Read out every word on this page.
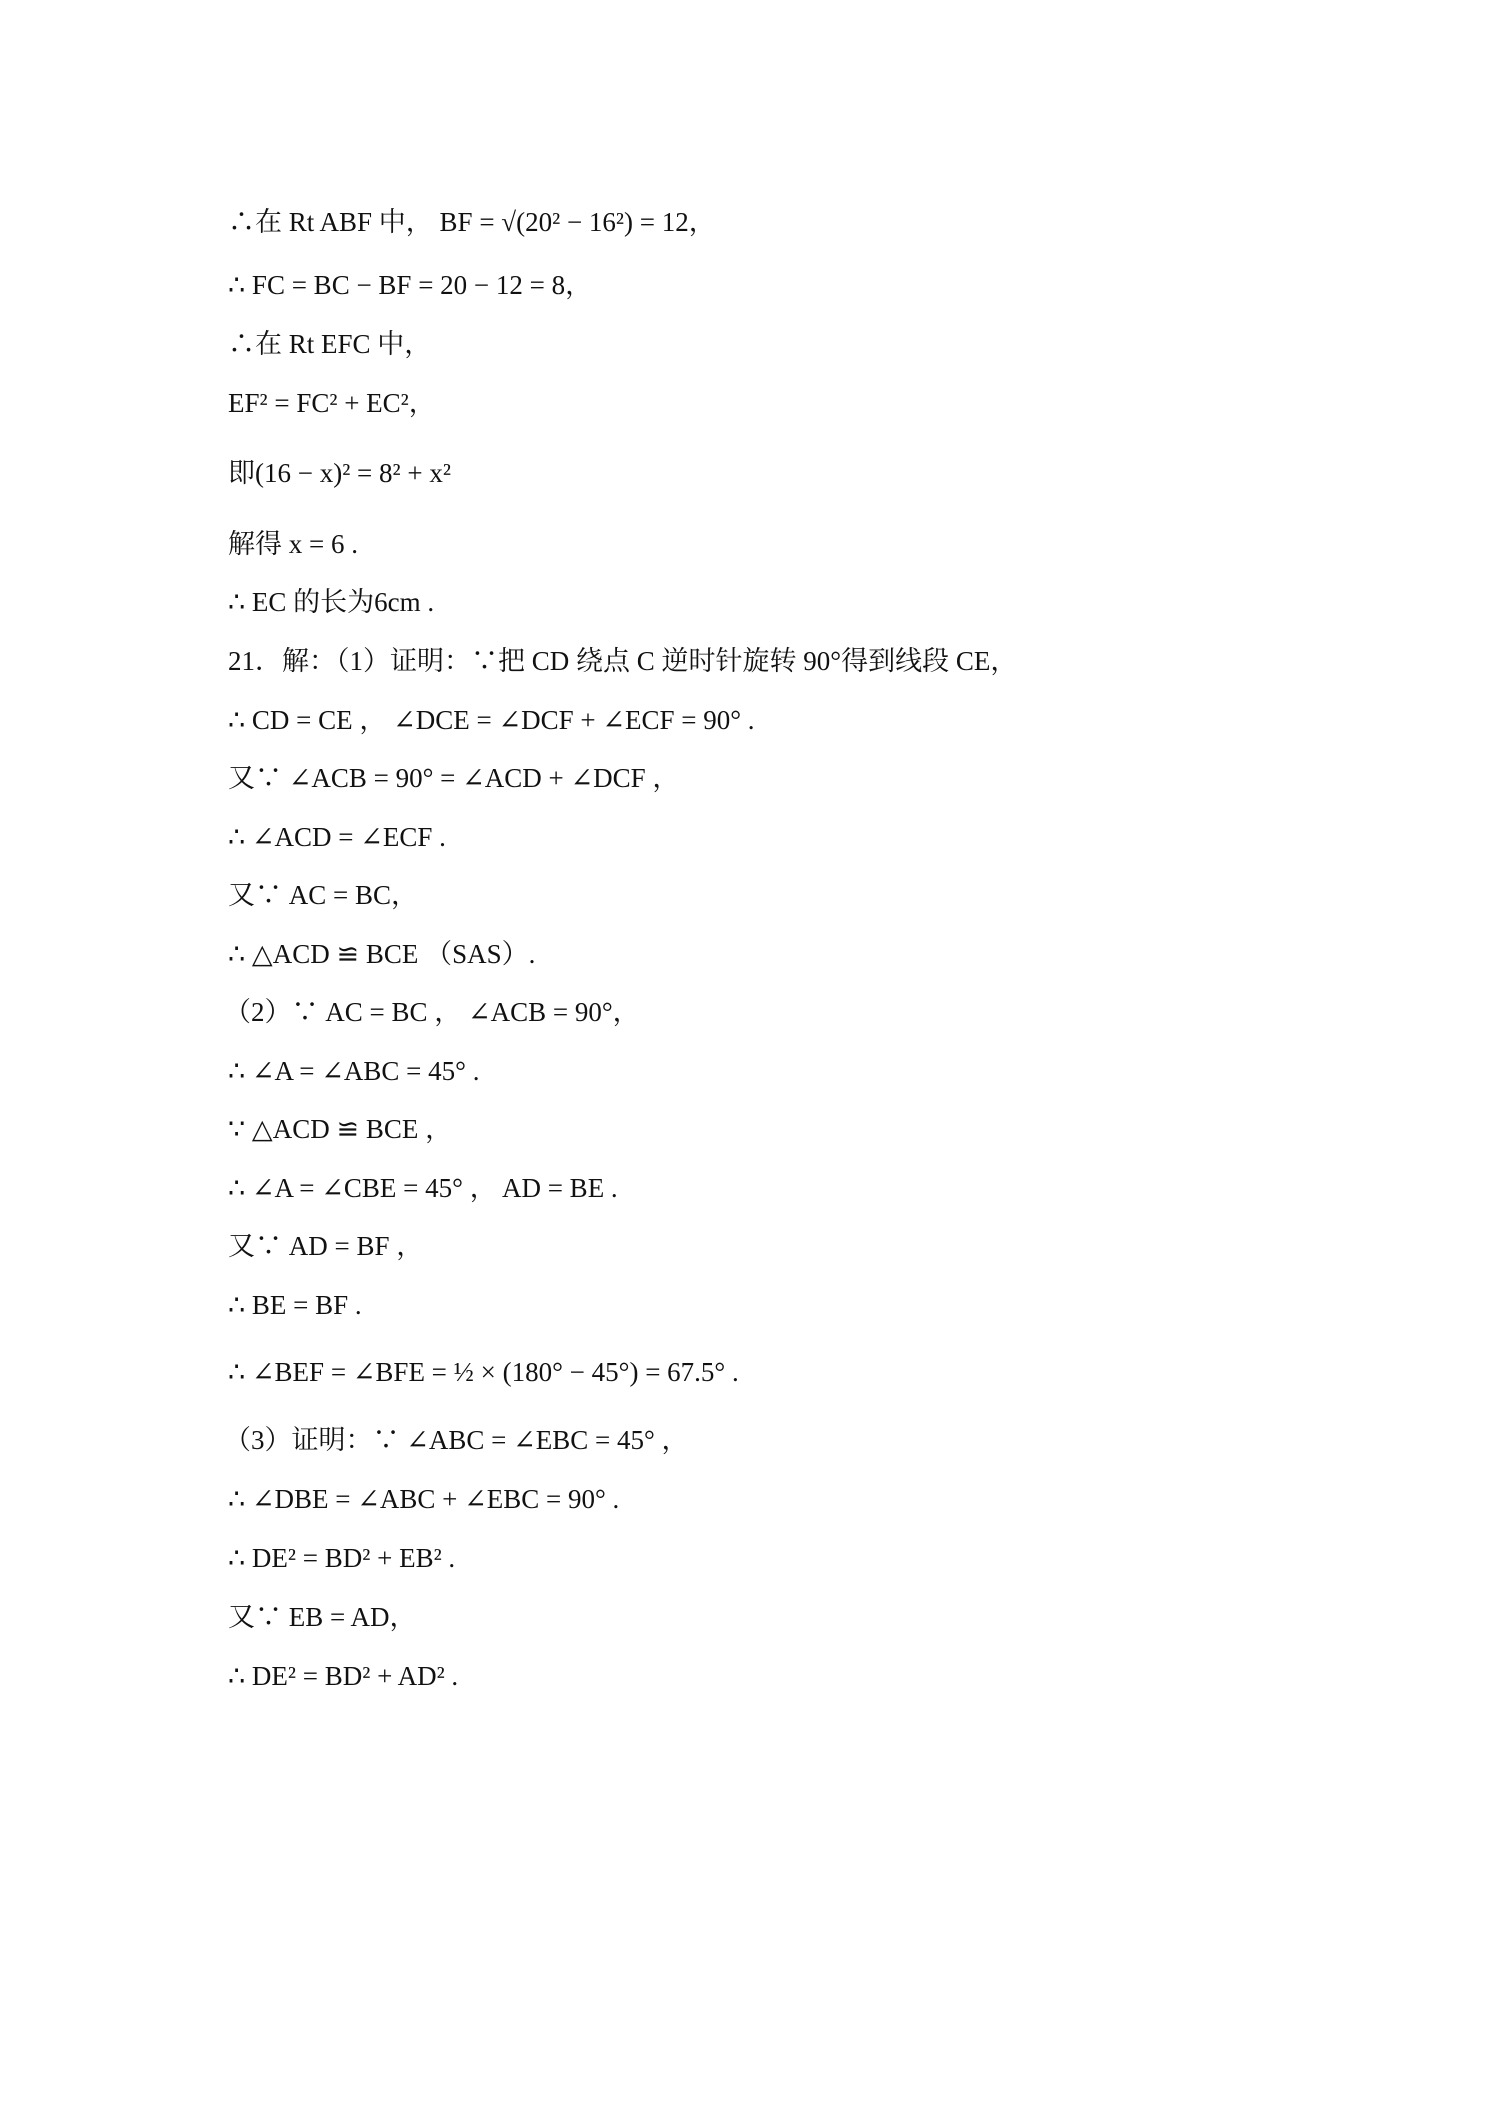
∴在 Rt ABF 中， BF = √(20² − 16²) = 12，
∴ FC = BC − BF = 20 − 12 = 8，
∴在 Rt EFC 中，
EF² = FC² + EC²，
即(16 − x)² = 8² + x²
解得 x = 6 .
∴ EC 的长为6cm .
21．解：（1）证明：∵把 CD 绕点 C 逆时针旋转 90°得到线段 CE，
∴ CD = CE ， ∠DCE = ∠DCF + ∠ECF = 90° .
又∵ ∠ACB = 90° = ∠ACD + ∠DCF ，
∴ ∠ACD = ∠ECF .
又∵ AC = BC，
∴ △ACD ≌ BCE （SAS）.
（2）∵ AC = BC ， ∠ACB = 90°，
∴ ∠A = ∠ABC = 45° .
∵ △ACD ≌ BCE ，
∴ ∠A = ∠CBE = 45° ， AD = BE .
又∵ AD = BF ，
∴ BE = BF .
∴ ∠BEF = ∠BFE = ½ × (180° − 45°) = 67.5° .
（3）证明：∵ ∠ABC = ∠EBC = 45° ，
∴ ∠DBE = ∠ABC + ∠EBC = 90° .
∴ DE² = BD² + EB² .
又∵ EB = AD，
∴ DE² = BD² + AD² .
